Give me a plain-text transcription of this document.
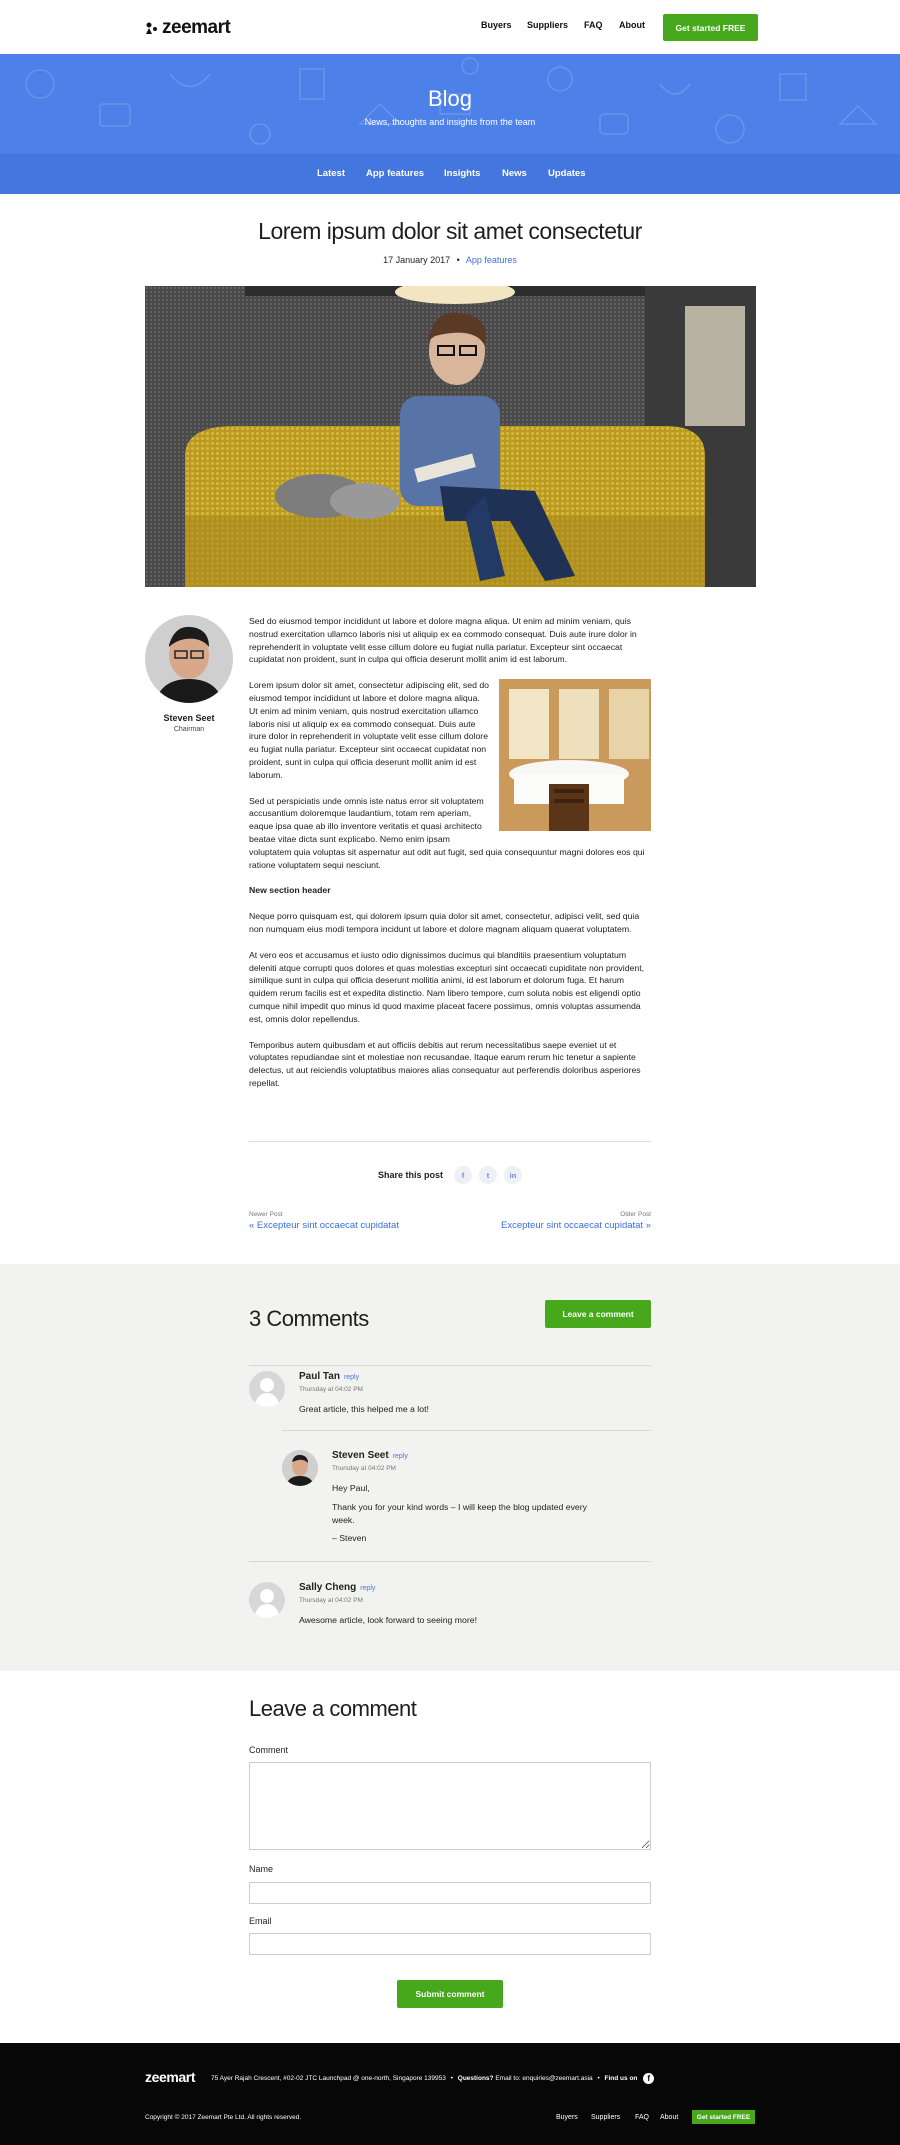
zeemart	Buyers Suppliers FAQ About	Get started FREE
Blog
News, thoughts and insights from the team
Latest App features Insights News Updates
Lorem ipsum dolor sit amet consectetur
17 January 2017 • App features
Steven Seet
Chairman

Sed do eiusmod tempor incididunt ut labore et dolore magna aliqua. Ut enim ad minim veniam, quis nostrud exercitation ullamco laboris nisi ut aliquip ex ea commodo consequat. Duis aute irure dolor in reprehenderit in voluptate velit esse cillum dolore eu fugiat nulla pariatur. Excepteur sint occaecat cupidatat non proident, sunt in culpa qui officia deserunt mollit anim id est laborum.

Lorem ipsum dolor sit amet, consectetur adipiscing elit, sed do eiusmod tempor incididunt ut labore et dolore magna aliqua. Ut enim ad minim veniam, quis nostrud exercitation ullamco laboris nisi ut aliquip ex ea commodo consequat. Duis aute irure dolor in reprehenderit in voluptate velit esse cillum dolore eu fugiat nulla pariatur. Excepteur sint occaecat cupidatat non proident, sunt in culpa qui officia deserunt mollit anim id est laborum.

Sed ut perspiciatis unde omnis iste natus error sit voluptatem accusantium doloremque laudantium, totam rem aperiam, eaque ipsa quae ab illo inventore veritatis et quasi architecto beatae vitae dicta sunt explicabo. Nemo enim ipsam voluptatem quia voluptas sit aspernatur aut odit aut fugit, sed quia consequuntur magni dolores eos qui ratione voluptatem sequi nesciunt.

New section header

Neque porro quisquam est, qui dolorem ipsum quia dolor sit amet, consectetur, adipisci velit, sed quia non numquam eius modi tempora incidunt ut labore et dolore magnam aliquam quaerat voluptatem.

At vero eos et accusamus et iusto odio dignissimos ducimus qui blanditiis praesentium voluptatum deleniti atque corrupti quos dolores et quas molestias excepturi sint occaecati cupiditate non provident, similique sunt in culpa qui officia deserunt mollitia animi, id est laborum et dolorum fuga. Et harum quidem rerum facilis est et expedita distinctio. Nam libero tempore, cum soluta nobis est eligendi optio cumque nihil impedit quo minus id quod maxime placeat facere possimus, omnis voluptas assumenda est, omnis dolor repellendus.

Temporibus autem quibusdam et aut officiis debitis aut rerum necessitatibus saepe eveniet ut et voluptates repudiandae sint et molestiae non recusandae. Itaque earum rerum hic tenetur a sapiente delectus, ut aut reiciendis voluptatibus maiores alias consequatur aut perferendis doloribus asperiores repellat.

Share this post	f	t	in
Newer Post
« Excepteur sint occaecat cupidatat
Older Post
Excepteur sint occaecat cupidatat »
3 Comments	Leave a comment
Paul Tan reply
Thursday at 04:02 PM
Great article, this helped me a lot!
Steven Seet reply
Thursday at 04:02 PM
Hey Paul,
Thank you for your kind words – I will keep the blog updated every week.
– Steven
Sally Cheng reply
Thursday at 04:02 PM
Awesome article, look forward to seeing more!
Leave a comment
Comment
Name
Email
Submit comment
zeemart 75 Ayer Rajah Crescent, #02-02 JTC Launchpad @ one-north, Singapore 139953 • Questions? Email to: enquiries@zeemart.asia • Find us on f
Copyright © 2017 Zeemart Pte Ltd. All rights reserved.	Buyers Suppliers FAQ About	Get started FREE
